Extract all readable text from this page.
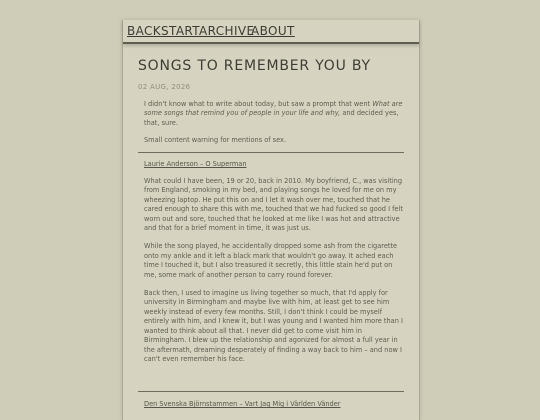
BACK START
ARCHIVE
ABOUT
SONGS TO REMEMBER YOU BY
02 AUG, 2026

I didn't know what to write about today, but saw a prompt that went What are some songs that remind you of people in your life and why, and decided yes, that, sure.

Small content warning for mentions of sex.

Laurie Anderson – O Superman

What could I have been, 19 or 20, back in 2010. My boyfriend, C., was visiting from England, smoking in my bed, and playing songs he loved for me on my wheezing laptop. He put this on and I let it wash over me, touched that he cared enough to share this with me, touched that we had fucked so good I felt worn out and sore, touched that he looked at me like I was hot and attractive and that for a brief moment in time, it was just us.

While the song played, he accidentally dropped some ash from the cigarette onto my ankle and it left a black mark that wouldn't go away. It ached each time I touched it, but I also treasured it secretly, this little stain he'd put on me, some mark of another person to carry round forever.

Back then, I used to imagine us living together so much, that I'd apply for university in Birmingham and maybe live with him, at least get to see him weekly instead of every few months. Still, I don't think I could be myself entirely with him, and I knew it, but I was young and I wanted him more than I wanted to think about all that. I never did get to come visit him in Birmingham. I blew up the relationship and agonized for almost a full year in the aftermath, dreaming desperately of finding a way back to him – and now I can't even remember his face.

Den Svenska Björnstammen – Vart Jag Mig i Världen Vänder
